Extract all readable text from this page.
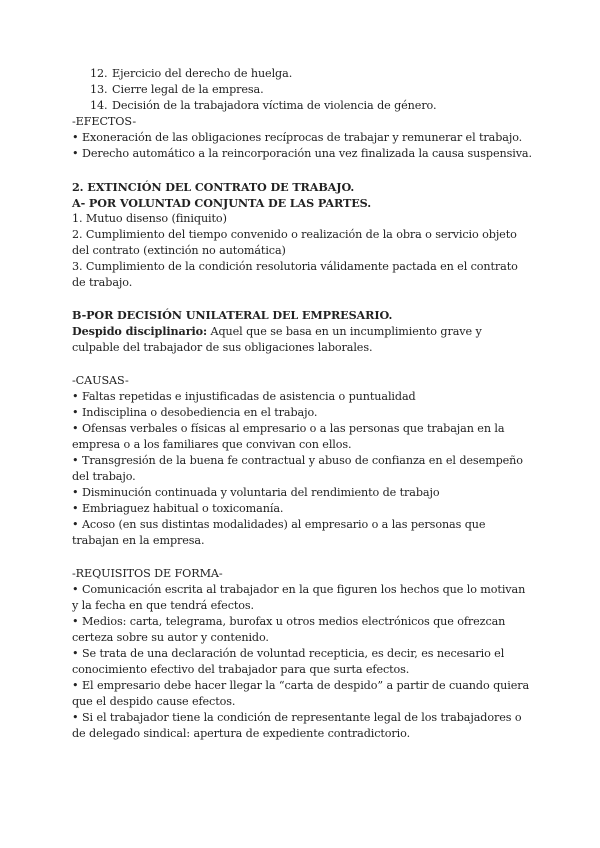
12. Ejercicio del derecho de huelga.
13. Cierre legal de la empresa.
14. Decisión de la trabajadora víctima de violencia de género.
-EFECTOS-
• Exoneración de las obligaciones recíprocas de trabajar y remunerar el trabajo.
• Derecho automático a la reincorporación una vez finalizada la causa suspensiva.
2. EXTINCIÓN DEL CONTRATO DE TRABAJO.
A- POR VOLUNTAD CONJUNTA DE LAS PARTES.
1. Mutuo disenso (finiquito)
2. Cumplimiento del tiempo convenido o realización de la obra o servicio objeto del contrato (extinción no automática)
3. Cumplimiento de la condición resolutoria válidamente pactada en el contrato de trabajo.
B-POR DECISIÓN UNILATERAL DEL EMPRESARIO.
Despido disciplinario: Aquel que se basa en un incumplimiento grave y culpable del trabajador de sus obligaciones laborales.
-CAUSAS-
• Faltas repetidas e injustificadas de asistencia o puntualidad
• Indisciplina o desobediencia en el trabajo.
• Ofensas verbales o físicas al empresario o a las personas que trabajan en la empresa o a los familiares que convivan con ellos.
• Transgresión de la buena fe contractual y abuso de confianza en el desempeño del trabajo.
• Disminución continuada y voluntaria del rendimiento de trabajo
• Embriaguez habitual o toxicomanía.
• Acoso (en sus distintas modalidades) al empresario o a las personas que trabajan en la empresa.
-REQUISITOS DE FORMA-
• Comunicación escrita al trabajador en la que figuren los hechos que lo motivan y la fecha en que tendrá efectos.
• Medios: carta, telegrama, burofax u otros medios electrónicos que ofrezcan certeza sobre su autor y contenido.
• Se trata de una declaración de voluntad recepticia, es decir, es necesario el conocimiento efectivo del trabajador para que surta efectos.
• El empresario debe hacer llegar la “carta de despido” a partir de cuando quiera que el despido cause efectos.
• Si el trabajador tiene la condición de representante legal de los trabajadores o de delegado sindical: apertura de expediente contradictorio.
